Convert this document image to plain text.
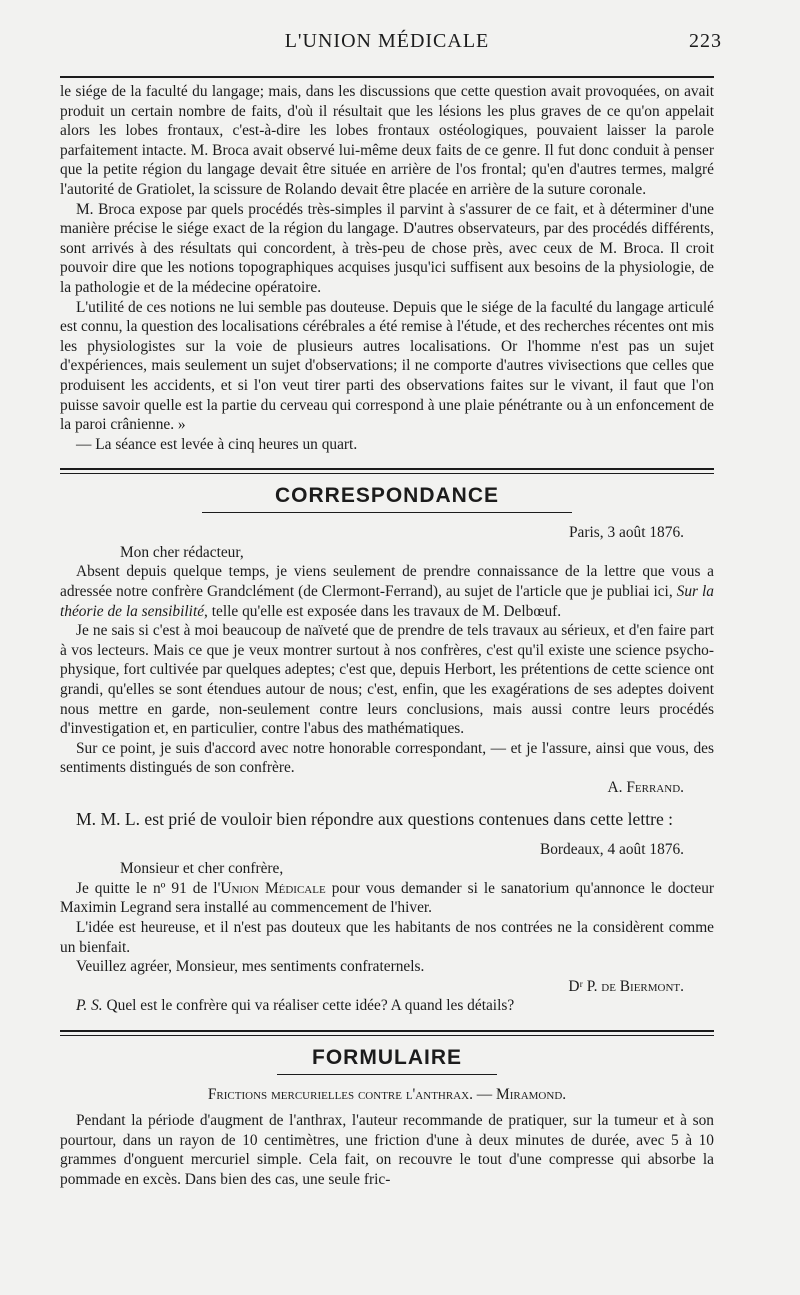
L'UNION MÉDICALE	223

le siége de la faculté du langage; mais, dans les discussions que cette question avait provoquées, on avait produit un certain nombre de faits, d'où il résultait que les lésions les plus graves de ce qu'on appelait alors les lobes frontaux, c'est-à-dire les lobes frontaux ostéologiques, pouvaient laisser la parole parfaitement intacte. M. Broca avait observé lui-même deux faits de ce genre. Il fut donc conduit à penser que la petite région du langage devait être située en arrière de l'os frontal; qu'en d'autres termes, malgré l'autorité de Gratiolet, la scissure de Rolando devait être placée en arrière de la suture coronale.

M. Broca expose par quels procédés très-simples il parvint à s'assurer de ce fait, et à déterminer d'une manière précise le siége exact de la région du langage. D'autres observateurs, par des procédés différents, sont arrivés à des résultats qui concordent, à très-peu de chose près, avec ceux de M. Broca. Il croit pouvoir dire que les notions topographiques acquises jusqu'ici suffisent aux besoins de la physiologie, de la pathologie et de la médecine opératoire.

L'utilité de ces notions ne lui semble pas douteuse. Depuis que le siége de la faculté du langage articulé est connu, la question des localisations cérébrales a été remise à l'étude, et des recherches récentes ont mis les physiologistes sur la voie de plusieurs autres localisations. Or l'homme n'est pas un sujet d'expériences, mais seulement un sujet d'observations; il ne comporte d'autres vivisections que celles que produisent les accidents, et si l'on veut tirer parti des observations faites sur le vivant, il faut que l'on puisse savoir quelle est la partie du cerveau qui correspond à une plaie pénétrante ou à un enfoncement de la paroi crânienne. »

— La séance est levée à cinq heures un quart.

CORRESPONDANCE
Paris, 3 août 1876.
Mon cher rédacteur,

Absent depuis quelque temps, je viens seulement de prendre connaissance de la lettre que vous a adressée notre confrère Grandclément (de Clermont-Ferrand), au sujet de l'article que je publiai ici, Sur la théorie de la sensibilité, telle qu'elle est exposée dans les travaux de M. Delbœuf.

Je ne sais si c'est à moi beaucoup de naïveté que de prendre de tels travaux au sérieux, et d'en faire part à vos lecteurs. Mais ce que je veux montrer surtout à nos confrères, c'est qu'il existe une science psycho-physique, fort cultivée par quelques adeptes; c'est que, depuis Herbort, les prétentions de cette science ont grandi, qu'elles se sont étendues autour de nous; c'est, enfin, que les exagérations de ses adeptes doivent nous mettre en garde, non-seulement contre leurs conclusions, mais aussi contre leurs procédés d'investigation et, en particulier, contre l'abus des mathématiques.

Sur ce point, je suis d'accord avec notre honorable correspondant, — et je l'assure, ainsi que vous, des sentiments distingués de son confrère.

A. Ferrand.

M. M. L. est prié de vouloir bien répondre aux questions contenues dans cette lettre :

Bordeaux, 4 août 1876.
Monsieur et cher confrère,

Je quitte le nº 91 de l'Union Médicale pour vous demander si le sanatorium qu'annonce le docteur Maximin Legrand sera installé au commencement de l'hiver.

L'idée est heureuse, et il n'est pas douteux que les habitants de nos contrées ne la considèrent comme un bienfait.

Veuillez agréer, Monsieur, mes sentiments confraternels.

Dʳ P. de Biermont.

P. S. Quel est le confrère qui va réaliser cette idée? A quand les détails?

FORMULAIRE
Frictions mercurielles contre l'anthrax. — Miramond.

Pendant la période d'augment de l'anthrax, l'auteur recommande de pratiquer, sur la tumeur et à son pourtour, dans un rayon de 10 centimètres, une friction d'une à deux minutes de durée, avec 5 à 10 grammes d'onguent mercuriel simple. Cela fait, on recouvre le tout d'une compresse qui absorbe la pommade en excès. Dans bien des cas, une seule fric-
